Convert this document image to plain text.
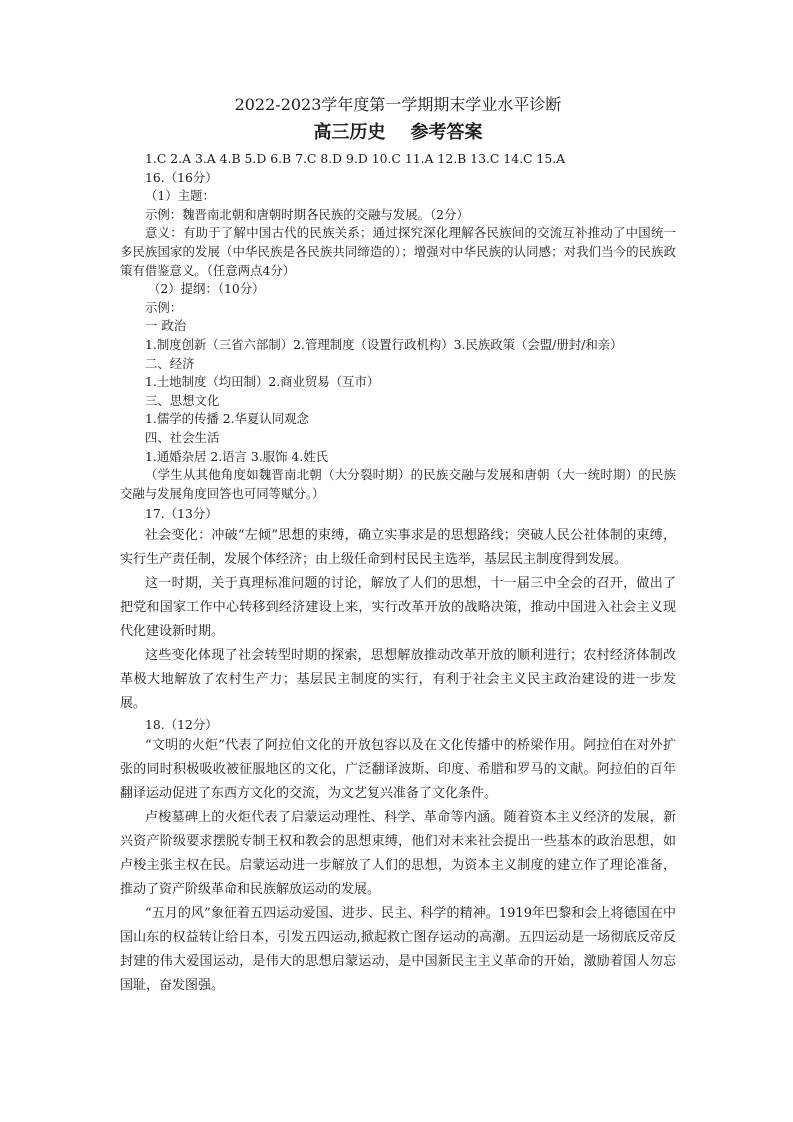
2022-2023学年度第一学期期末学业水平诊断
高三历史    参考答案

1.C 2.A 3.A 4.B 5.D 6.B 7.C 8.D 9.D 10.C 11.A 12.B 13.C 14.C 15.A

16.（16分）

（1）主题：

示例：魏晋南北朝和唐朝时期各民族的交融与发展。（2分）

意义：有助于了解中国古代的民族关系；通过探究深化理解各民族间的交流互补推动了中国统一多民族国家的发展（中华民族是各民族共同缔造的）；增强对中华民族的认同感；对我们当今的民族政策有借鉴意义。（任意两点4分）

（2）提纲：（10分）

示例：

一 政治

1.制度创新（三省六部制）2.管理制度（设置行政机构）3.民族政策（会盟/册封/和亲）

二、经济

1.土地制度（均田制）2.商业贸易（互市）

三、思想文化

1.儒学的传播 2.华夏认同观念

四、社会生活

1.通婚杂居 2.语言 3.服饰 4.姓氏

（学生从其他角度如魏晋南北朝（大分裂时期）的民族交融与发展和唐朝（大一统时期）的民族交融与发展角度回答也可同等赋分。）

17.（13分）

社会变化：冲破“左倾”思想的束缚，确立实事求是的思想路线；突破人民公社体制的束缚，实行生产责任制，发展个体经济；由上级任命到村民民主选举，基层民主制度得到发展。

这一时期，关于真理标准问题的讨论，解放了人们的思想，十一届三中全会的召开，做出了把党和国家工作中心转移到经济建设上来，实行改革开放的战略决策，推动中国进入社会主义现代化建设新时期。

这些变化体现了社会转型时期的探索，思想解放推动改革开放的顺利进行；农村经济体制改革极大地解放了农村生产力；基层民主制度的实行，有利于社会主义民主政治建设的进一步发展。

18.（12分）

“文明的火炬”代表了阿拉伯文化的开放包容以及在文化传播中的桥梁作用。阿拉伯在对外扩张的同时积极吸收被征服地区的文化，广泛翻译波斯、印度、希腊和罗马的文献。阿拉伯的百年翻译运动促进了东西方文化的交流，为文艺复兴准备了文化条件。

卢梭墓碑上的火炬代表了启蒙运动理性、科学、革命等内涵。随着资本主义经济的发展，新兴资产阶级要求摆脱专制王权和教会的思想束缚，他们对未来社会提出一些基本的政治思想，如卢梭主张主权在民。启蒙运动进一步解放了人们的思想，为资本主义制度的建立作了理论准备，推动了资产阶级革命和民族解放运动的发展。

“五月的风”象征着五四运动爱国、进步、民主、科学的精神。1919年巴黎和会上将德国在中国山东的权益转让给日本，引发五四运动,掀起救亡图存运动的高潮。五四运动是一场彻底反帝反封建的伟大爱国运动，是伟大的思想启蒙运动，是中国新民主主义革命的开始，激励着国人勿忘国耻，奋发图强。
